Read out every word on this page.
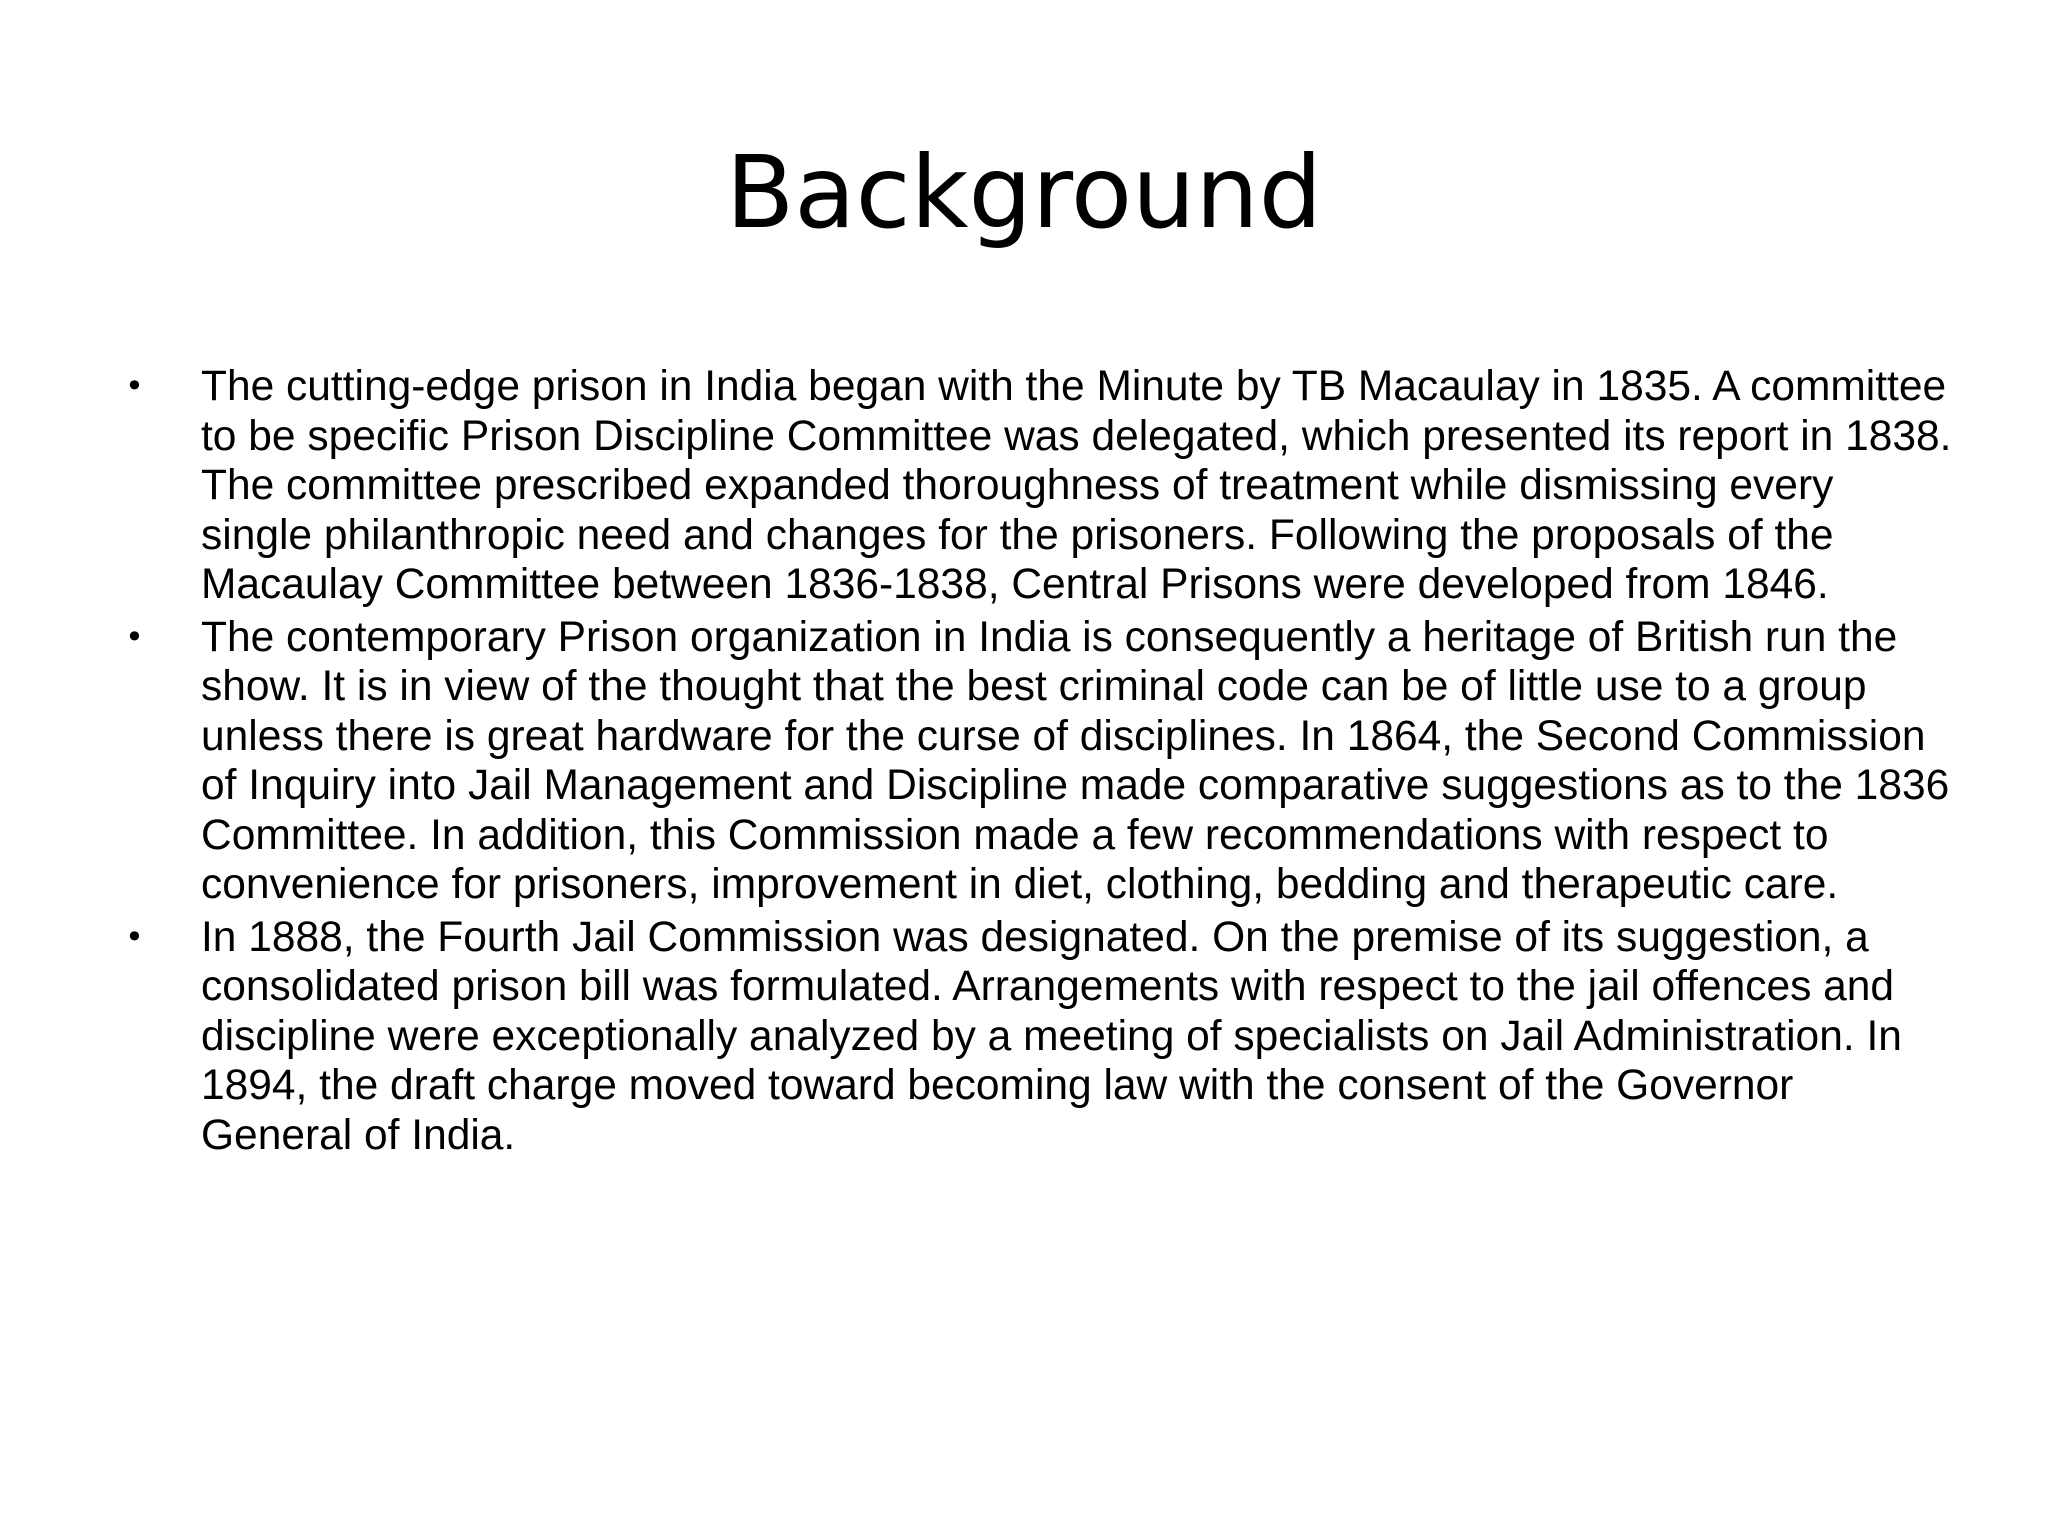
Background
• The cutting-edge prison in India began with the Minute by TB Macaulay in 1835. A committee to be specific Prison Discipline Committee was delegated, which presented its report in 1838. The committee prescribed expanded thoroughness of treatment while dismissing every single philanthropic need and changes for the prisoners. Following the proposals of the Macaulay Committee between 1836-1838, Central Prisons were developed from 1846.
• The contemporary Prison organization in India is consequently a heritage of British run the show. It is in view of the thought that the best criminal code can be of little use to a group unless there is great hardware for the curse of disciplines. In 1864, the Second Commission of Inquiry into Jail Management and Discipline made comparative suggestions as to the 1836 Committee. In addition, this Commission made a few recommendations with respect to convenience for prisoners, improvement in diet, clothing, bedding and therapeutic care.
• In 1888, the Fourth Jail Commission was designated. On the premise of its suggestion, a consolidated prison bill was formulated. Arrangements with respect to the jail offences and discipline were exceptionally analyzed by a meeting of specialists on Jail Administration. In 1894, the draft charge moved toward becoming law with the consent of the Governor General of India.
